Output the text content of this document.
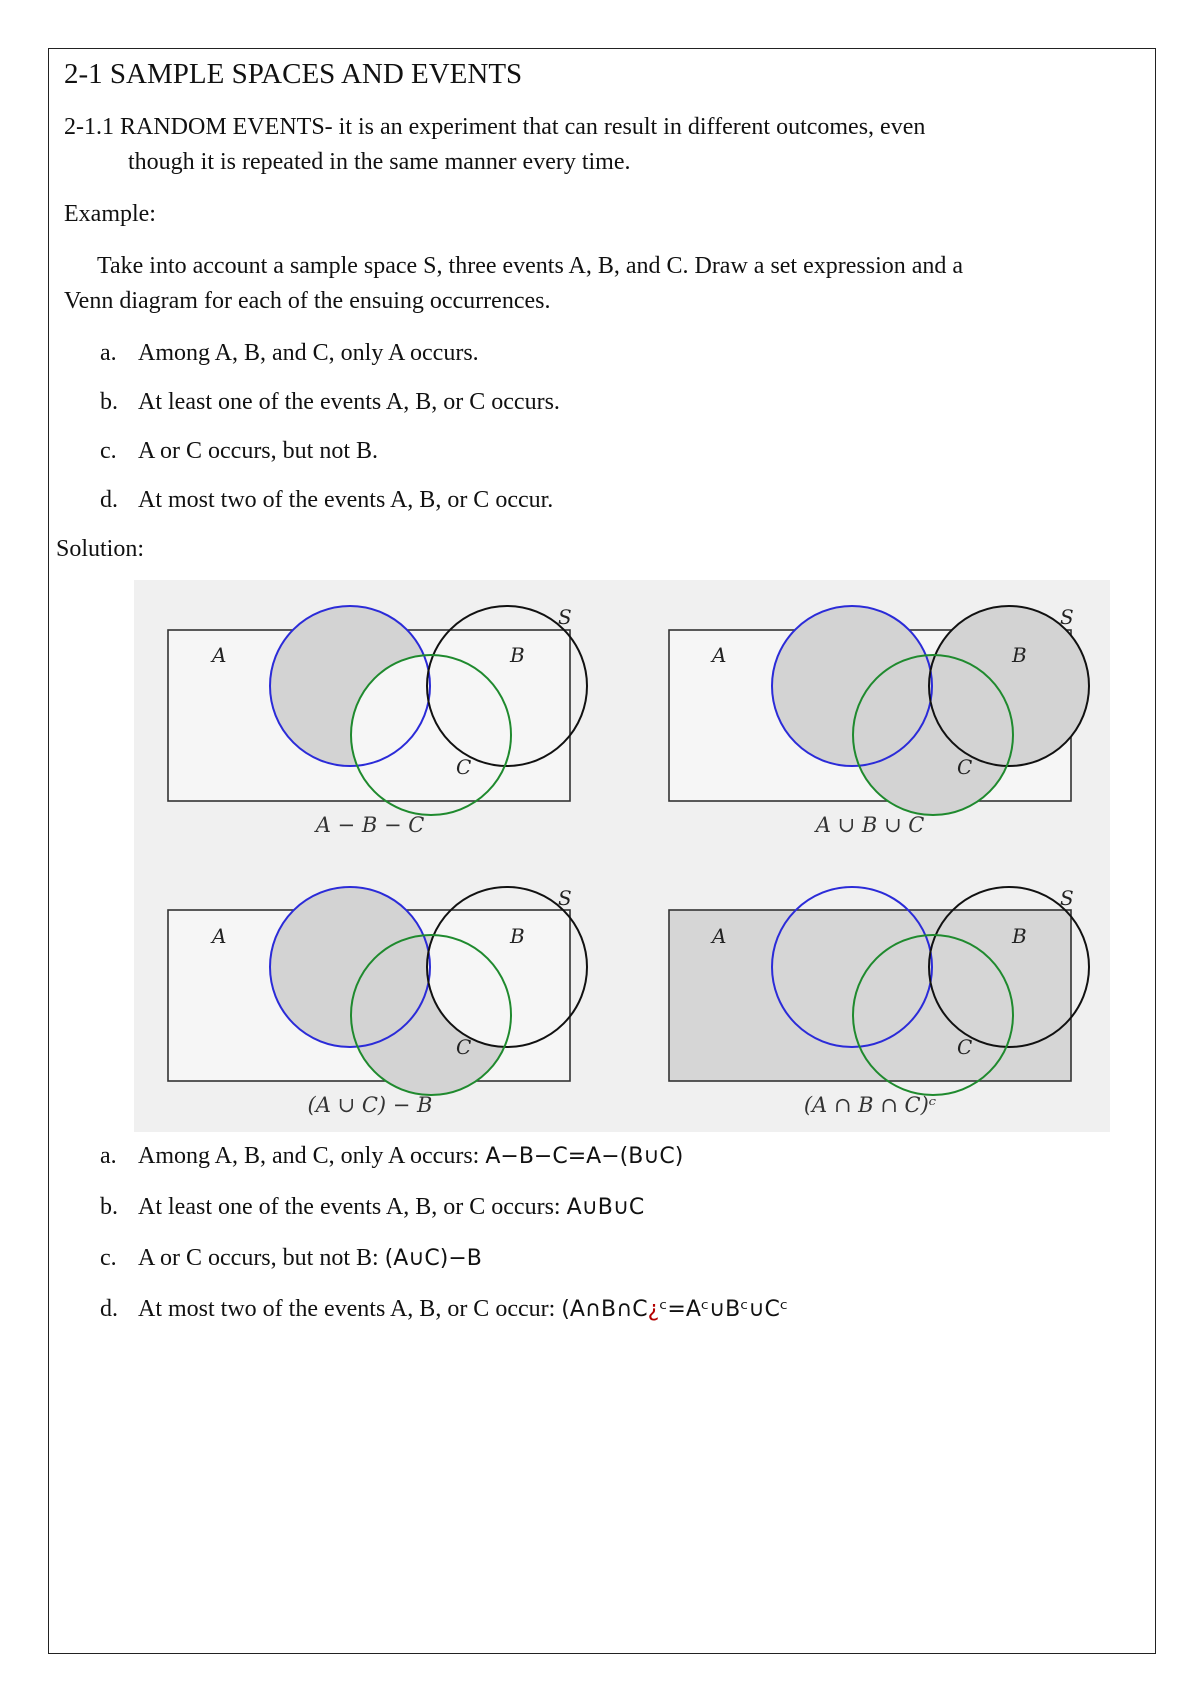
2-1 SAMPLE SPACES AND EVENTS
2-1.1 RANDOM EVENTS- it is an experiment that can result in different outcomes, even
though it is repeated in the same manner every time.
Example:
Take into account a sample space S, three events A, B, and C. Draw a set expression and a
Venn diagram for each of the ensuing occurrences.
a. Among A, B, and C, only A occurs.
b. At least one of the events A, B, or C occurs.
c. A or C occurs, but not B.
d. At most two of the events A, B, or C occur.
Solution:
A	B
C
S
A − B − C
A	B
C
S
A ∪ B ∪ C
A	B
C
S
(A ∪ C) − B
A	B
C
S
(A ∩ B ∩ C)ᶜ
a. Among A, B, and C, only A occurs: A−B−C=A−(B∪C)
b. At least one of the events A, B, or C occurs: A∪B∪C
c. A or C occurs, but not B: (A∪C)−B
d. At most two of the events A, B, or C occur: (A∩B∩C¿ᶜ=Aᶜ∪Bᶜ∪Cᶜ
